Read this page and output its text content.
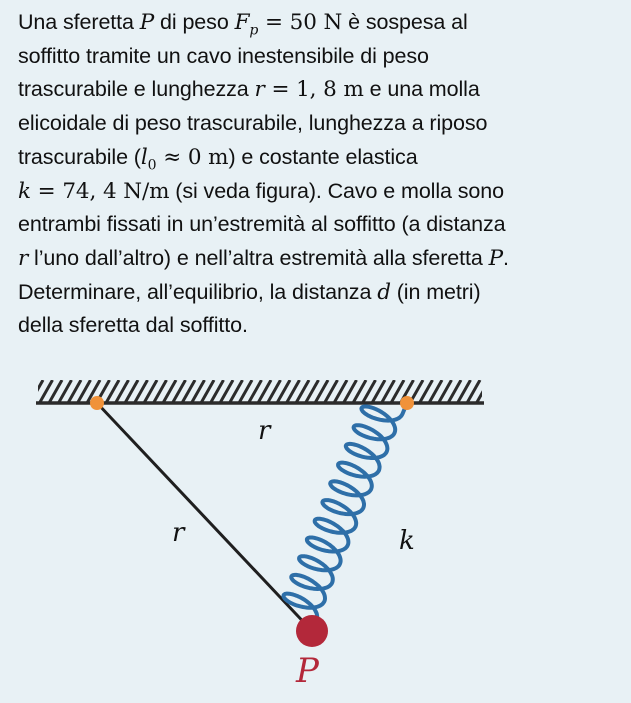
Una sferetta P di peso $F_p = 50$ N è sospesa al
soffitto tramite un cavo inestensibile di peso
trascurabile e lunghezza r = 1, 8 m e una molla
elicoidale di peso trascurabile, lunghezza a riposo
trascurabile ($l_0 \approx 0$ m) e costante elastica
k = 74, 4 N/m (si veda figura). Cavo e molla sono
entrambi fissati in un’estremità al soffitto (a distanza
r l’uno dall’altro) e nell’altra estremità alla sferetta P.
Determinare, all’equilibrio, la distanza d (in metri)
della sferetta dal soffitto.
r
r	k
P
